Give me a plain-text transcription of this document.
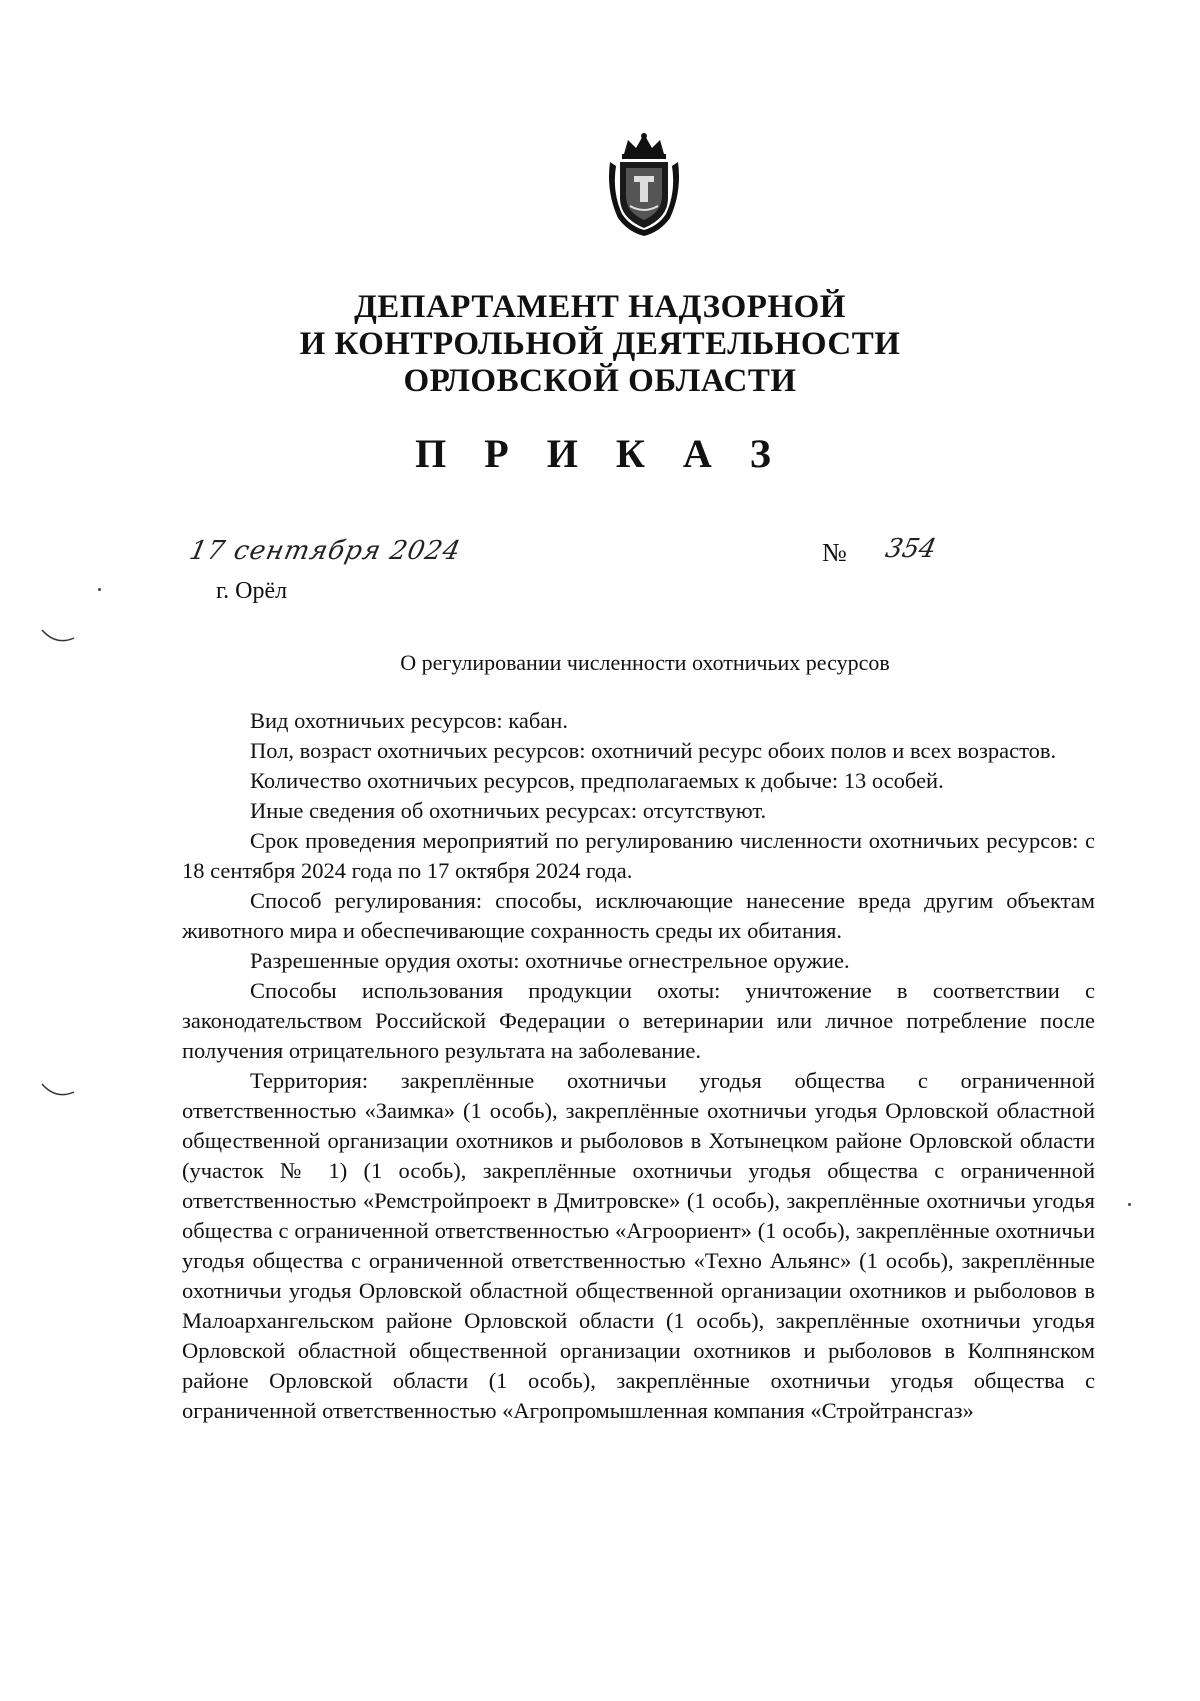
ДЕПАРТАМЕНТ НАДЗОРНОЙ
И КОНТРОЛЬНОЙ ДЕЯТЕЛЬНОСТИ
ОРЛОВСКОЙ ОБЛАСТИ
П Р И К А З
17 сентября 2024	№ 354
г. Орёл
О регулировании численности охотничьих ресурсов

Вид охотничьих ресурсов: кабан.

Пол, возраст охотничьих ресурсов: охотничий ресурс обоих полов и всех возрастов.

Количество охотничьих ресурсов, предполагаемых к добыче: 13 особей.

Иные сведения об охотничьих ресурсах: отсутствуют.

Срок проведения мероприятий по регулированию численности охотничьих ресурсов: с 18 сентября 2024 года по 17 октября 2024 года.

Способ регулирования: способы, исключающие нанесение вреда другим объектам животного мира и обеспечивающие сохранность среды их обитания.

Разрешенные орудия охоты: охотничье огнестрельное оружие.

Способы использования продукции охоты: уничтожение в соответствии с законодательством Российской Федерации о ветеринарии или личное потребление после получения отрицательного результата на заболевание.

Территория: закреплённые охотничьи угодья общества с ограниченной ответственностью «Заимка» (1 особь), закреплённые охотничьи угодья Орловской областной общественной организации охотников и рыболовов в Хотынецком районе Орловской области (участок № 1) (1 особь), закреплённые охотничьи угодья общества с ограниченной ответственностью «Ремстройпроект в Дмитровске» (1 особь), закреплённые охотничьи угодья общества с ограниченной ответственностью «Агроориент» (1 особь), закреплённые охотничьи угодья общества с ограниченной ответственностью «Техно Альянс» (1 особь), закреплённые охотничьи угодья Орловской областной общественной организации охотников и рыболовов в Малоархангельском районе Орловской области (1 особь), закреплённые охотничьи угодья Орловской областной общественной организации охотников и рыболовов в Колпнянском районе Орловской области (1 особь), закреплённые охотничьи угодья общества с ограниченной ответственностью «Агропромышленная компания «Стройтрансгаз»
